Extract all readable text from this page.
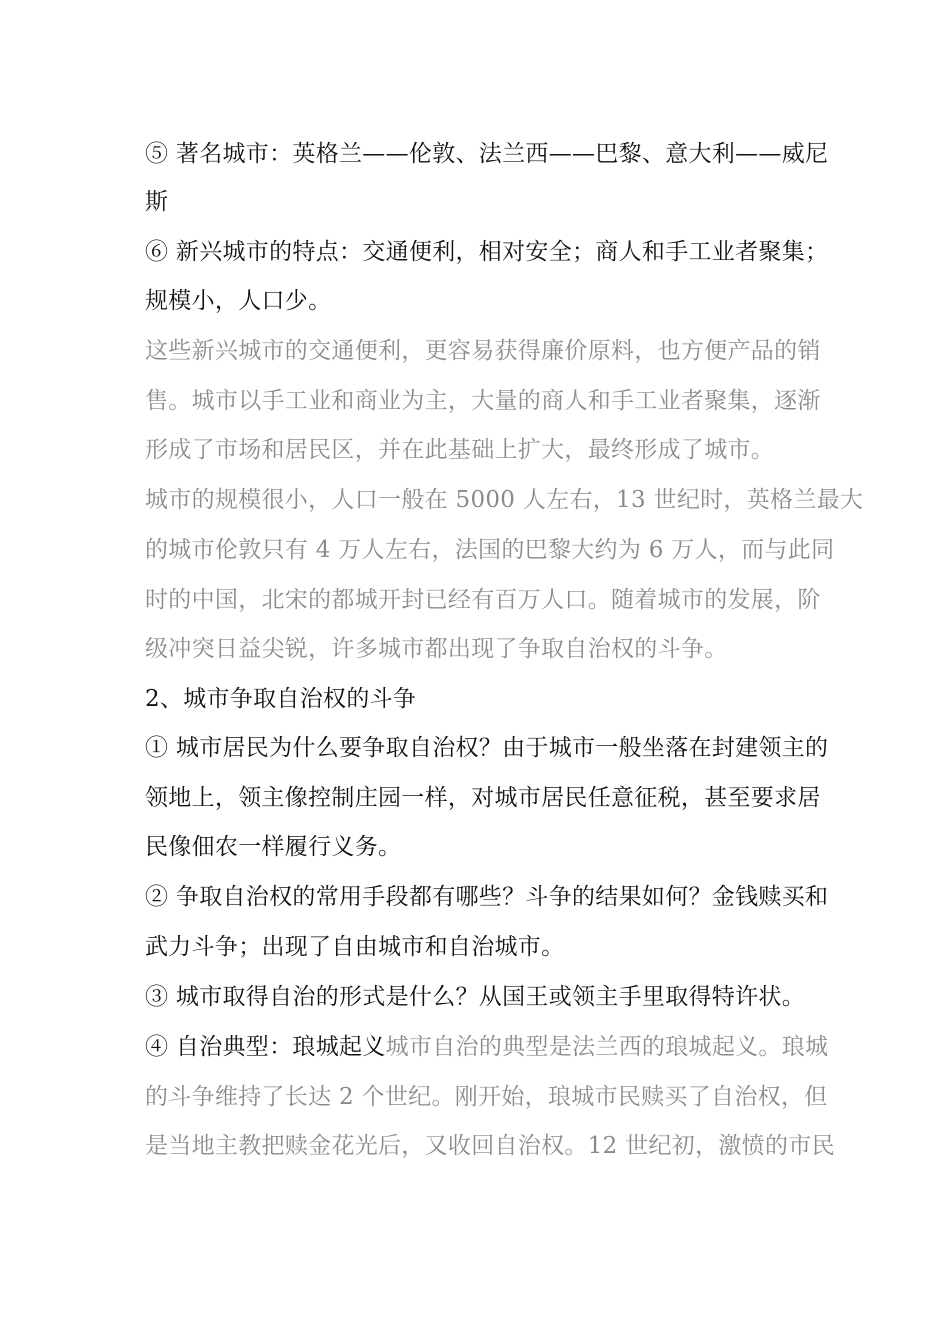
⑤ 著名城市：英格兰——伦敦、法兰西——巴黎、意大利——威尼
斯
⑥ 新兴城市的特点：交通便利，相对安全；商人和手工业者聚集；
规模小，人口少。
这些新兴城市的交通便利，更容易获得廉价原料，也方便产品的销
售。城市以手工业和商业为主，大量的商人和手工业者聚集，逐渐
形成了市场和居民区，并在此基础上扩大，最终形成了城市。
城市的规模很小，人口一般在 5000 人左右，13 世纪时，英格兰最大
的城市伦敦只有 4 万人左右，法国的巴黎大约为 6 万人，而与此同
时的中国，北宋的都城开封已经有百万人口。随着城市的发展，阶
级冲突日益尖锐，许多城市都出现了争取自治权的斗争。
2、城市争取自治权的斗争
① 城市居民为什么要争取自治权？由于城市一般坐落在封建领主的
领地上，领主像控制庄园一样，对城市居民任意征税，甚至要求居
民像佃农一样履行义务。
② 争取自治权的常用手段都有哪些？斗争的结果如何？金钱赎买和
武力斗争；出现了自由城市和自治城市。
③ 城市取得自治的形式是什么？从国王或领主手里取得特许状。
④ 自治典型：琅城起义城市自治的典型是法兰西的琅城起义。琅城
的斗争维持了长达 2 个世纪。刚开始，琅城市民赎买了自治权，但
是当地主教把赎金花光后，又收回自治权。12 世纪初，激愤的市民
